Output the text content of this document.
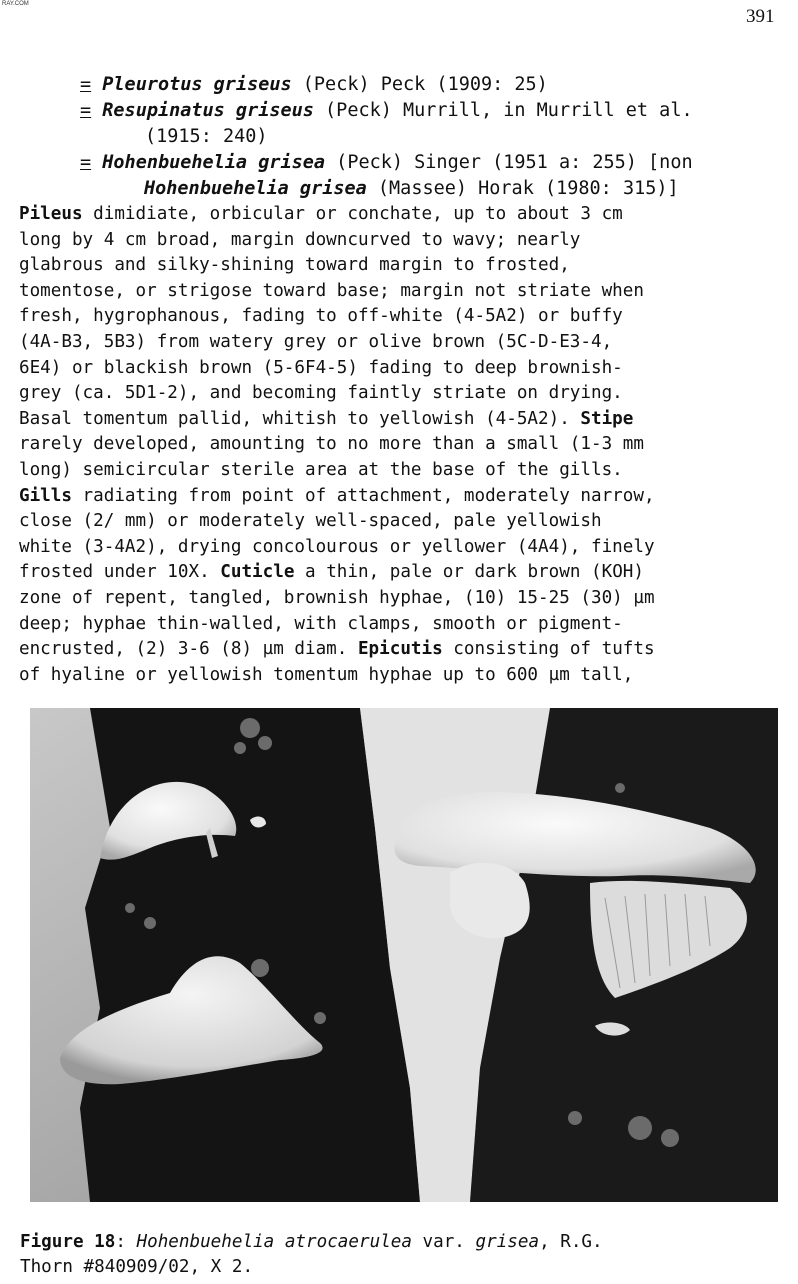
RAY.COM
391
= Pleurotus griseus (Peck) Peck (1909: 25)
= Resupinatus griseus (Peck) Murrill, in Murrill et al.
(1915: 240)
= Hohenbuehelia grisea (Peck) Singer (1951 a: 255) [non
Hohenbuehelia grisea (Massee) Horak (1980: 315)]
Pileus dimidiate, orbicular or conchate, up to about 3 cm
long by 4 cm broad, margin downcurved to wavy; nearly
glabrous and silky-shining toward margin to frosted,
tomentose, or strigose toward base; margin not striate when
fresh, hygrophanous, fading to off-white (4-5A2) or buffy
(4A-B3, 5B3) from watery grey or olive brown (5C-D-E3-4,
6E4) or blackish brown (5-6F4-5) fading to deep brownish-
grey (ca. 5D1-2), and becoming faintly striate on drying.
Basal tomentum pallid, whitish to yellowish (4-5A2). Stipe
rarely developed, amounting to no more than a small (1-3 mm
long) semicircular sterile area at the base of the gills.
Gills radiating from point of attachment, moderately narrow,
close (2/ mm) or moderately well-spaced, pale yellowish
white (3-4A2), drying concolourous or yellower (4A4), finely
frosted under 10X. Cuticle a thin, pale or dark brown (KOH)
zone of repent, tangled, brownish hyphae, (10) 15-25 (30) µm
deep; hyphae thin-walled, with clamps, smooth or pigment-
encrusted, (2) 3-6 (8) µm diam. Epicutis consisting of tufts
of hyaline or yellowish tomentum hyphae up to 600 µm tall,
Figure 18: Hohenbuehelia atrocaerulea var. grisea, R.G.
Thorn #840909/02, X 2.
